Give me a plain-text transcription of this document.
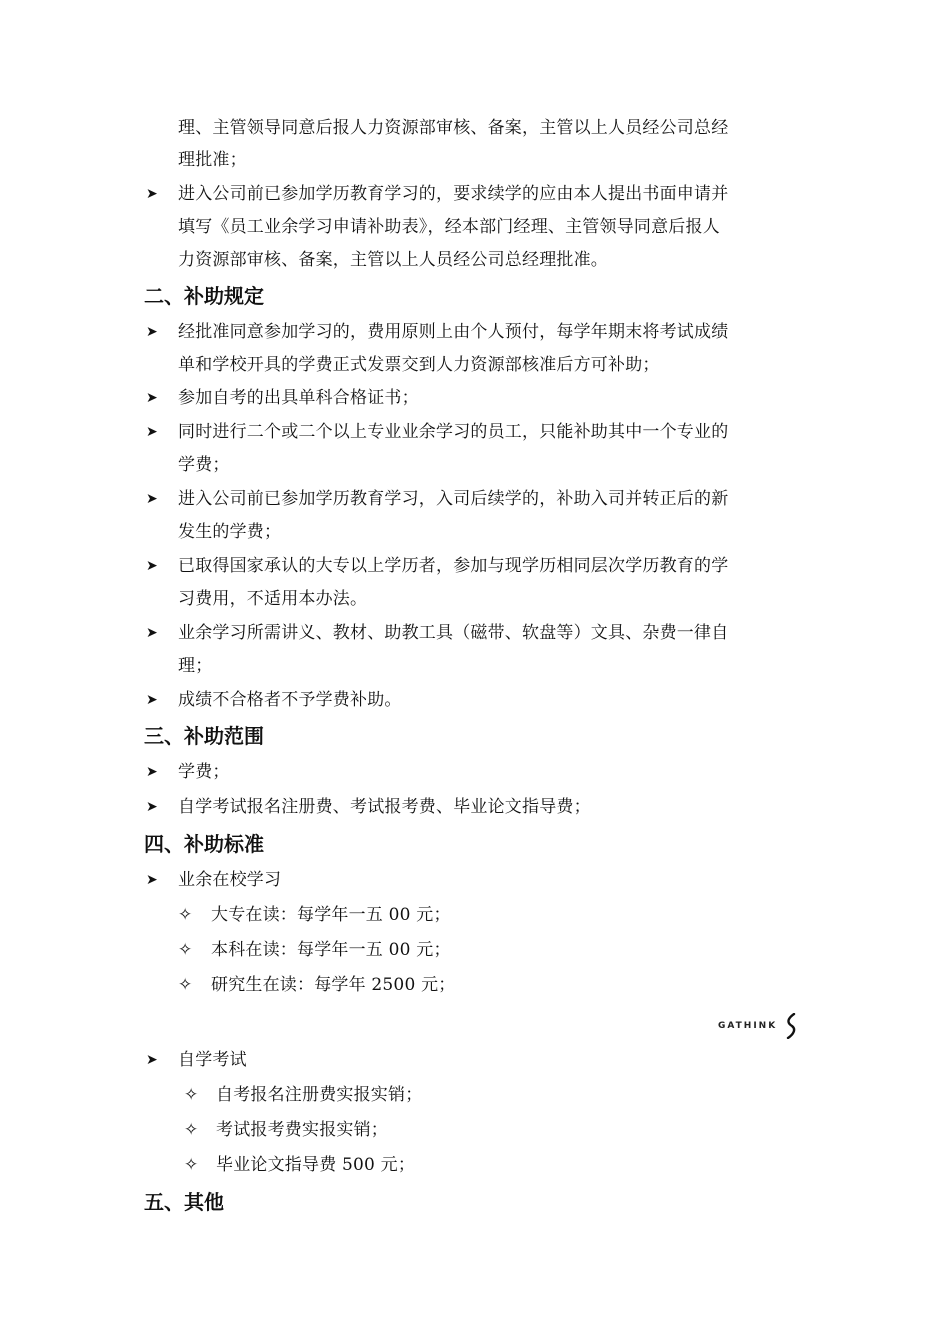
理、主管领导同意后报人力资源部审核、备案，主管以上人员经公司总经
理批准；
➤ 进入公司前已参加学历教育学习的，要求续学的应由本人提出书面申请并
填写《员工业余学习申请补助表》，经本部门经理、主管领导同意后报人
力资源部审核、备案，主管以上人员经公司总经理批准。
二、补助规定
➤ 经批准同意参加学习的，费用原则上由个人预付，每学年期末将考试成绩
单和学校开具的学费正式发票交到人力资源部核准后方可补助；
➤ 参加自考的出具单科合格证书；
➤ 同时进行二个或二个以上专业业余学习的员工，只能补助其中一个专业的
学费；
➤ 进入公司前已参加学历教育学习，入司后续学的，补助入司并转正后的新
发生的学费；
➤ 已取得国家承认的大专以上学历者，参加与现学历相同层次学历教育的学
习费用，不适用本办法。
➤ 业余学习所需讲义、教材、助教工具（磁带、软盘等）文具、杂费一律自
理；
➤ 成绩不合格者不予学费补助。
三、补助范围
➤ 学费；
➤ 自学考试报名注册费、考试报考费、毕业论文指导费；
四、补助标准
➤ 业余在校学习
✧ 大专在读：每学年一五 00 元；
✧ 本科在读：每学年一五 00 元；
✧ 研究生在读：每学年 2500 元；
GATHINK
➤ 自学考试
✧ 自考报名注册费实报实销；
✧ 考试报考费实报实销；
✧ 毕业论文指导费 500 元；
五、其他
